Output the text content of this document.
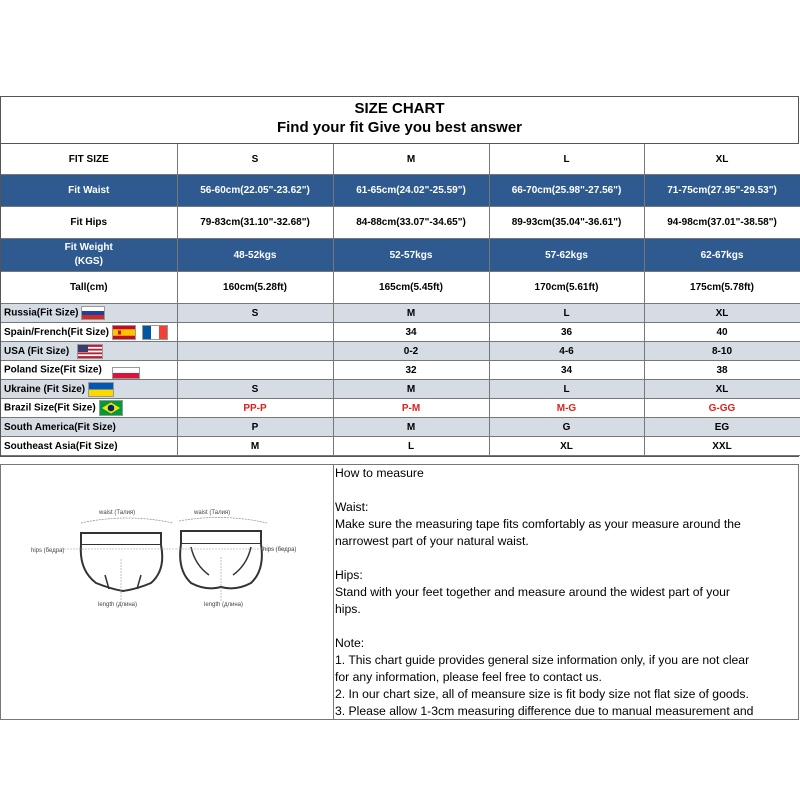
SIZE CHART
Find your fit Give you best answer
FIT SIZE	S	M	L	XL
Fit Waist	56-60cm(22.05"-23.62")	61-65cm(24.02"-25.59")	66-70cm(25.98"-27.56")	71-75cm(27.95"-29.53")
Fit Hips	79-83cm(31.10"-32.68")	84-88cm(33.07"-34.65")	89-93cm(35.04"-36.61")	94-98cm(37.01"-38.58")
Fit Weight
(KGS)	48-52kgs	52-57kgs	57-62kgs	62-67kgs
Tall(cm)	160cm(5.28ft)	165cm(5.45ft)	170cm(5.61ft)	175cm(5.78ft)
Russia(Fit Size)	S	M	L	XL
Spain/French(Fit Size)		34	36	40
USA (Fit Size)		0-2	4-6	8-10
Poland Size(Fit Size)		32	34	38
Ukraine (Fit Size)	S	M	L	XL
Brazil Size(Fit Size)	PP-P	P-M	M-G	G-GG
South America(Fit Size)	P	M	G	EG
Southeast Asia(Fit Size)	M	L	XL	XXL
waist (Талия)
hips (бедра)
length (длина)
waist (Талия)
hips (бедра)
length (длина)

How to measure

Waist:

Make sure the measuring tape fits comfortably as your measure around the

narrowest part of your natural waist.

Hips:

Stand with your feet together and measure around the widest part of your

hips.

Note:

1. This chart guide provides general size information only, if you are not clear

for any information, please feel free to contact us.

2. In our chart size, all of meansure size is fit body size not flat size of goods.

3. Please allow 1-3cm measuring difference due to manual measurement and
